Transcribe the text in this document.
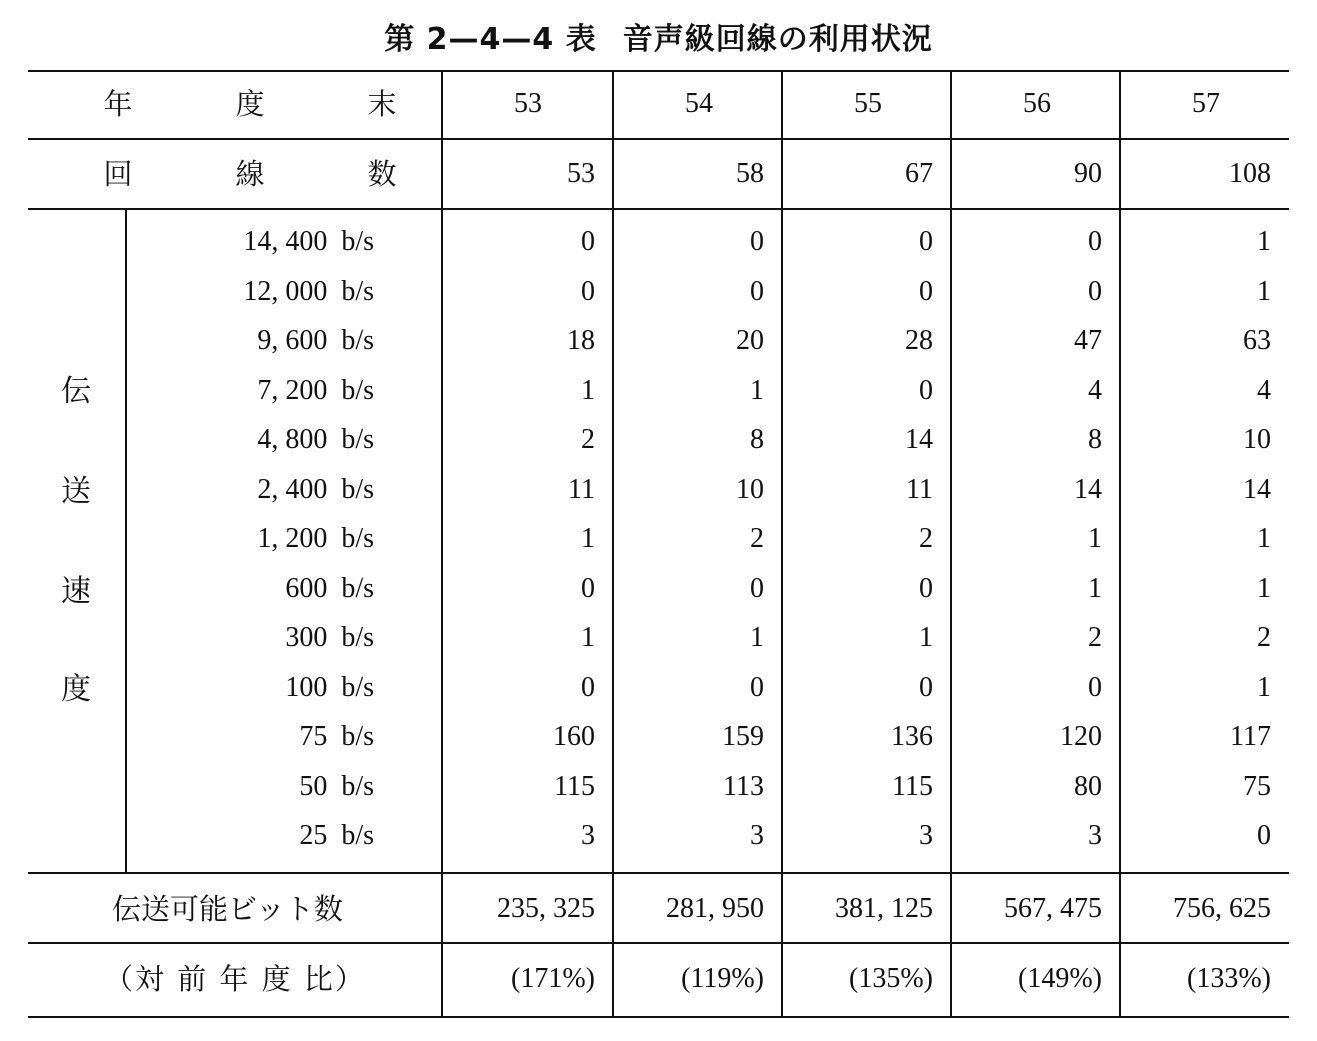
第 2—4—4 表 音声級回線の利用状況
年	度	末	53	54	55	56	57
回	線	数	53	58	67	90	108
伝
送
速
度
14, 400  b/s	0	0	0	0	1
12, 000  b/s	0	0	0	0	1
9, 600  b/s	18	20	28	47	63
7, 200  b/s	1	1	0	4	4
4, 800  b/s	2	8	14	8	10
2, 400  b/s	11	10	11	14	14
1, 200  b/s	1	2	2	1	1
600  b/s	0	0	0	1	1
300  b/s	1	1	1	2	2
100  b/s	0	0	0	0	1
75  b/s	160	159	136	120	117
50  b/s	115	113	115	80	75
25  b/s	3	3	3	3	0
伝送可能ビット数	235, 325	281, 950	381, 125	567, 475	756, 625
（対 前 年 度 比）	(171%)	(119%)	(135%)	(149%)	(133%)
